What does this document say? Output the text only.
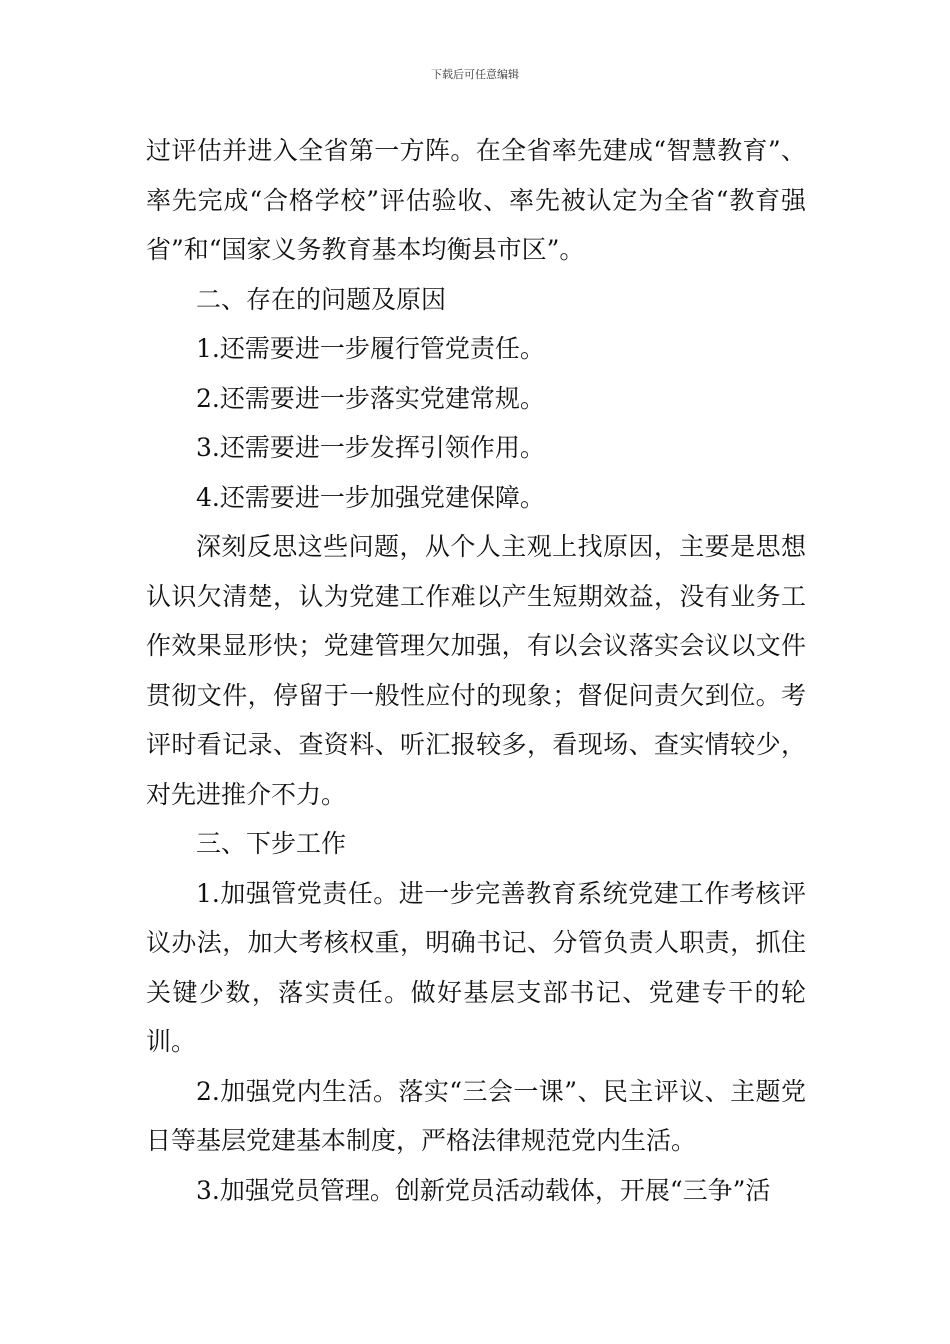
下载后可任意编辑

过评估并进入全省第一方阵。在全省率先建成“智慧教育”、率先完成“合格学校”评估验收、率先被认定为全省“教育强省”和“国家义务教育基本均衡县市区”。

二、存在的问题及原因

1.还需要进一步履行管党责任。

2.还需要进一步落实党建常规。

3.还需要进一步发挥引领作用。

4.还需要进一步加强党建保障。

深刻反思这些问题，从个人主观上找原因，主要是思想认识欠清楚，认为党建工作难以产生短期效益，没有业务工作效果显形快；党建管理欠加强，有以会议落实会议以文件贯彻文件，停留于一般性应付的现象；督促问责欠到位。考评时看记录、查资料、听汇报较多，看现场、查实情较少，对先进推介不力。

三、下步工作

1.加强管党责任。进一步完善教育系统党建工作考核评议办法，加大考核权重，明确书记、分管负责人职责，抓住关键少数，落实责任。做好基层支部书记、党建专干的轮训。

2.加强党内生活。落实“三会一课”、民主评议、主题党日等基层党建基本制度，严格法律规范党内生活。

3.加强党员管理。创新党员活动载体，开展“三争”活
